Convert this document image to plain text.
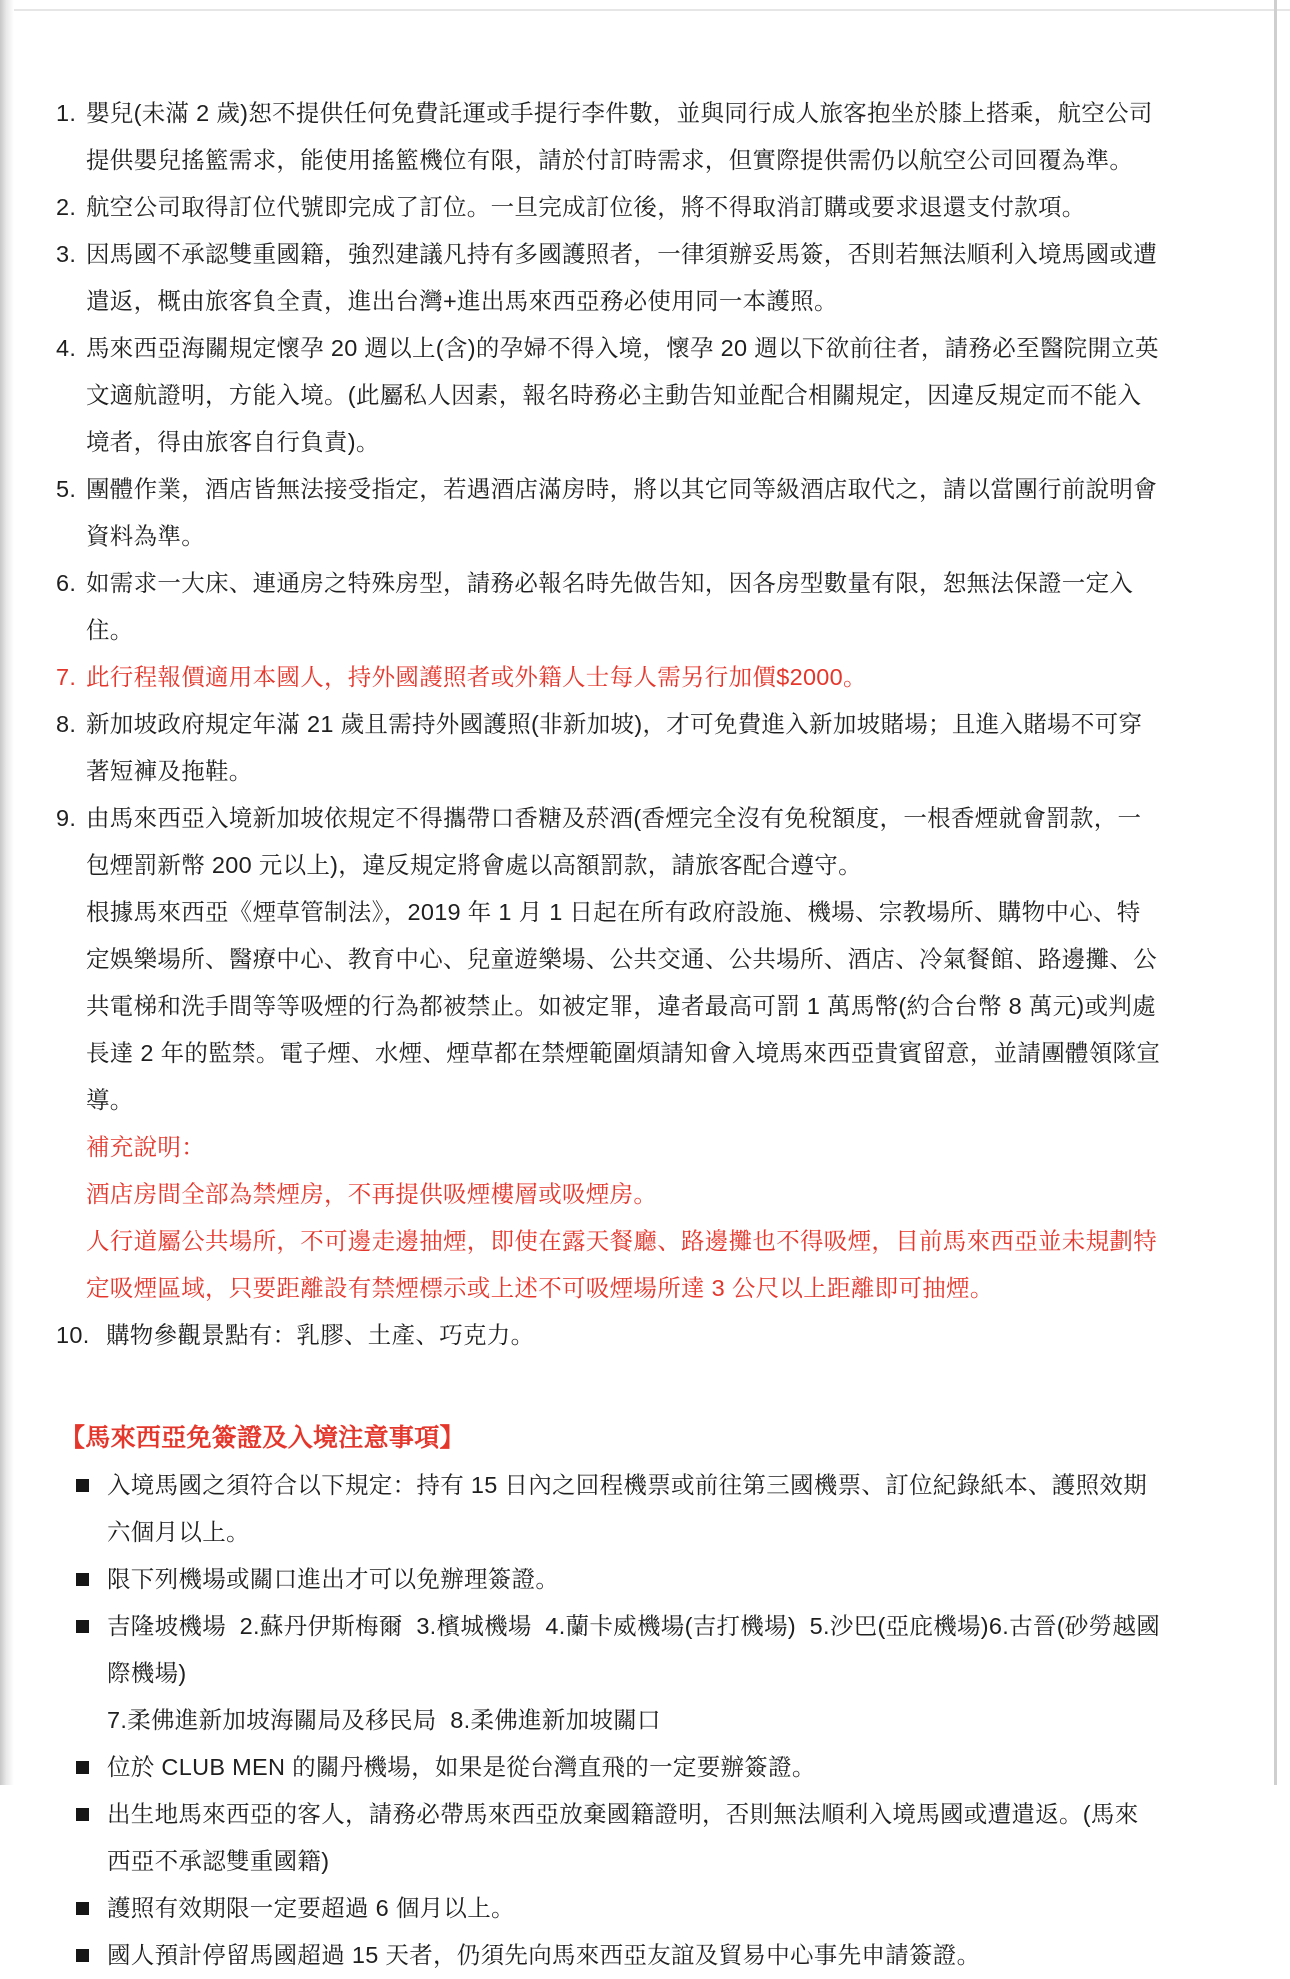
1. 嬰兒(未滿 2 歲)恕不提供任何免費託運或手提行李件數，並與同行成人旅客抱坐於膝上搭乘，航空公司提供嬰兒搖籃需求，能使用搖籃機位有限，請於付訂時需求，但實際提供需仍以航空公司回覆為準。

2. 航空公司取得訂位代號即完成了訂位。一旦完成訂位後，將不得取消訂購或要求退還支付款項。

3. 因馬國不承認雙重國籍，強烈建議凡持有多國護照者，一律須辦妥馬簽，否則若無法順利入境馬國或遭遣返，概由旅客負全責，進出台灣+進出馬來西亞務必使用同一本護照。

4. 馬來西亞海關規定懷孕 20 週以上(含)的孕婦不得入境，懷孕 20 週以下欲前往者，請務必至醫院開立英文適航證明，方能入境。(此屬私人因素，報名時務必主動告知並配合相關規定，因違反規定而不能入境者，得由旅客自行負責)。

5. 團體作業，酒店皆無法接受指定，若遇酒店滿房時，將以其它同等級酒店取代之，請以當團行前說明會資料為準。

6. 如需求一大床、連通房之特殊房型，請務必報名時先做告知，因各房型數量有限，恕無法保證一定入住。

7. 此行程報價適用本國人，持外國護照者或外籍人士每人需另行加價$2000。

8. 新加坡政府規定年滿 21 歲且需持外國護照(非新加坡)，才可免費進入新加坡賭場；且進入賭場不可穿著短褲及拖鞋。

9. 由馬來西亞入境新加坡依規定不得攜帶口香糖及菸酒(香煙完全沒有免稅額度，一根香煙就會罰款，一包煙罰新幣 200 元以上)，違反規定將會處以高額罰款，請旅客配合遵守。

根據馬來西亞《煙草管制法》，2019 年 1 月 1 日起在所有政府設施、機場、宗教場所、購物中心、特定娛樂場所、醫療中心、教育中心、兒童遊樂場、公共交通、公共場所、酒店、冷氣餐館、路邊攤、公共電梯和洗手間等等吸煙的行為都被禁止。如被定罪，違者最高可罰 1 萬馬幣(約合台幣 8 萬元)或判處長達 2 年的監禁。電子煙、水煙、煙草都在禁煙範圍煩請知會入境馬來西亞貴賓留意，並請團體領隊宣導。

補充說明：

酒店房間全部為禁煙房，不再提供吸煙樓層或吸煙房。

人行道屬公共場所，不可邊走邊抽煙，即使在露天餐廳、路邊攤也不得吸煙，目前馬來西亞並未規劃特定吸煙區域，只要距離設有禁煙標示或上述不可吸煙場所達 3 公尺以上距離即可抽煙。

10. 購物參觀景點有：乳膠、土產、巧克力。

【馬來西亞免簽證及入境注意事項】

入境馬國之須符合以下規定：持有 15 日內之回程機票或前往第三國機票、訂位紀錄紙本、護照效期六個月以上。

限下列機場或關口進出才可以免辦理簽證。

吉隆坡機場  2.蘇丹伊斯梅爾  3.檳城機場  4.蘭卡威機場(吉打機場)  5.沙巴(亞庇機場)6.古晉(砂勞越國際機場)

7.柔佛進新加坡海關局及移民局  8.柔佛進新加坡關口

位於 CLUB MEN 的關丹機場，如果是從台灣直飛的一定要辦簽證。

出生地馬來西亞的客人，請務必帶馬來西亞放棄國籍證明，否則無法順利入境馬國或遭遣返。(馬來西亞不承認雙重國籍)

護照有效期限一定要超過 6 個月以上。

國人預計停留馬國超過 15 天者，仍須先向馬來西亞友誼及貿易中心事先申請簽證。
